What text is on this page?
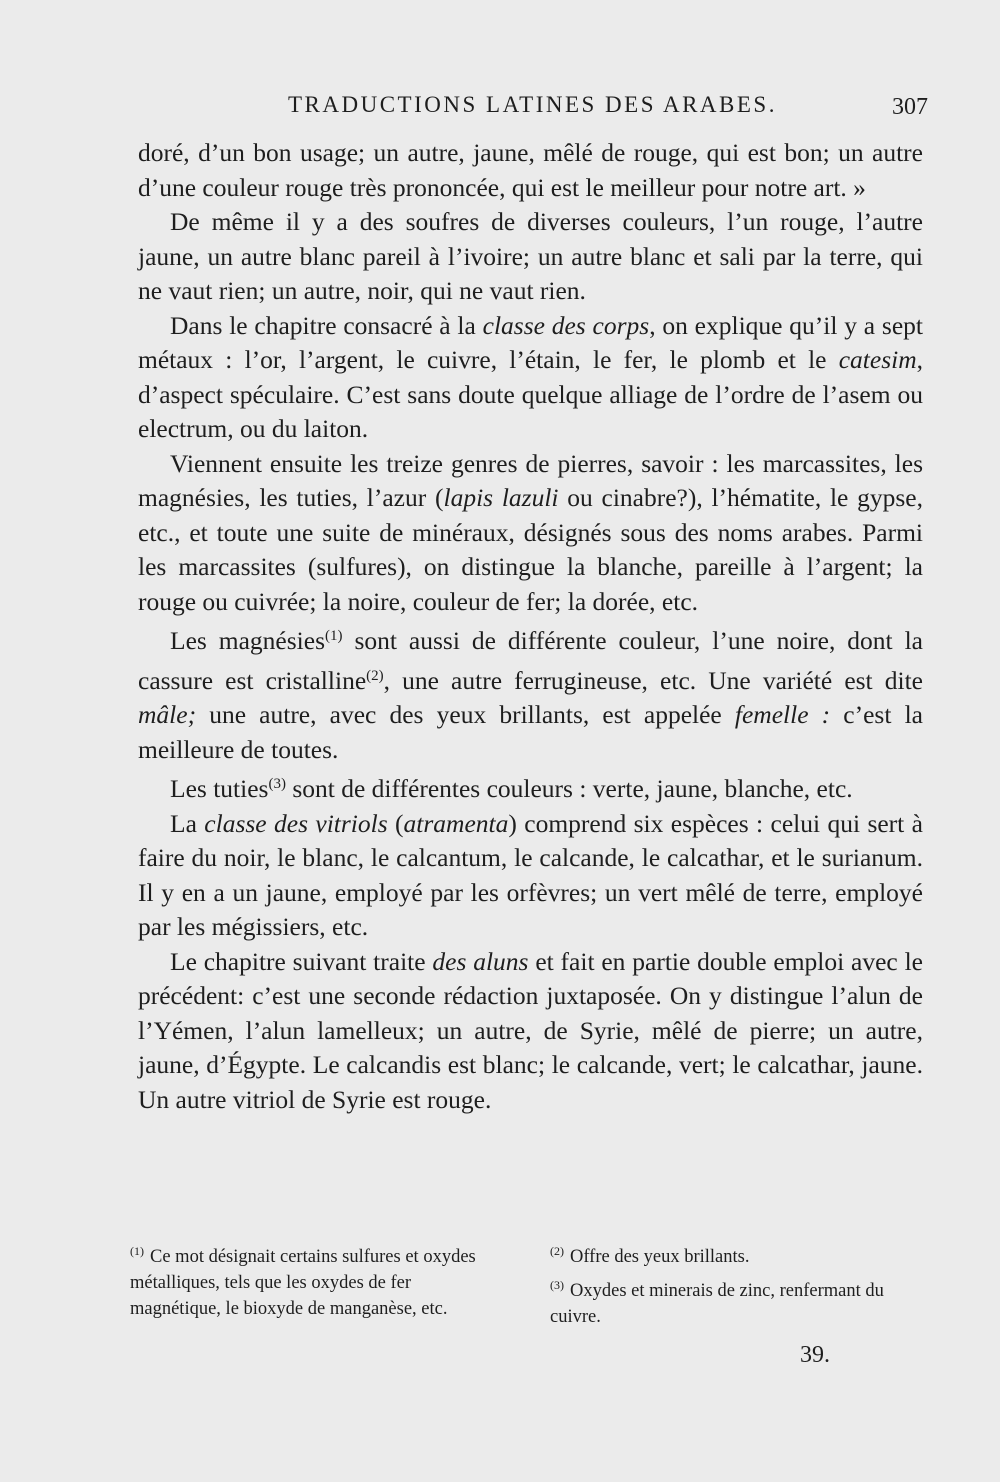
TRADUCTIONS LATINES DES ARABES.	307

doré, d’un bon usage; un autre, jaune, mêlé de rouge, qui est bon; un autre d’une couleur rouge très prononcée, qui est le meilleur pour notre art. »

De même il y a des soufres de diverses couleurs, l’un rouge, l’autre jaune, un autre blanc pareil à l’ivoire; un autre blanc et sali par la terre, qui ne vaut rien; un autre, noir, qui ne vaut rien.

Dans le chapitre consacré à la classe des corps, on explique qu’il y a sept métaux : l’or, l’argent, le cuivre, l’étain, le fer, le plomb et le catesim, d’aspect spéculaire. C’est sans doute quelque alliage de l’ordre de l’asem ou electrum, ou du laiton.

Viennent ensuite les treize genres de pierres, savoir : les marcassites, les magnésies, les tuties, l’azur (lapis lazuli ou cinabre?), l’hématite, le gypse, etc., et toute une suite de minéraux, désignés sous des noms arabes. Parmi les marcassites (sulfures), on distingue la blanche, pareille à l’argent; la rouge ou cuivrée; la noire, couleur de fer; la dorée, etc.

Les magnésies$^{(1)}$ sont aussi de différente couleur, l’une noire, dont la cassure est cristalline$^{(2)}$, une autre ferrugineuse, etc. Une variété est dite mâle; une autre, avec des yeux brillants, est appelée femelle : c’est la meilleure de toutes.

Les tuties$^{(3)}$ sont de différentes couleurs : verte, jaune, blanche, etc.

La classe des vitriols (atramenta) comprend six espèces : celui qui sert à faire du noir, le blanc, le calcantum, le calcande, le calcathar, et le surianum. Il y en a un jaune, employé par les orfèvres; un vert mêlé de terre, employé par les mégissiers, etc.

Le chapitre suivant traite des aluns et fait en partie double emploi avec le précédent: c’est une seconde rédaction juxtaposée. On y distingue l’alun de l’Yémen, l’alun lamelleux; un autre, de Syrie, mêlé de pierre; un autre, jaune, d’Égypte. Le calcandis est blanc; le calcande, vert; le calcathar, jaune. Un autre vitriol de Syrie est rouge.

$^{(1)}$ Ce mot désignait certains sulfures et oxydes métalliques, tels que les oxydes de fer magnétique, le bioxyde de manganèse, etc.

$^{(2)}$ Offre des yeux brillants.

$^{(3)}$ Oxydes et minerais de zinc, renfermant du cuivre.

39.
